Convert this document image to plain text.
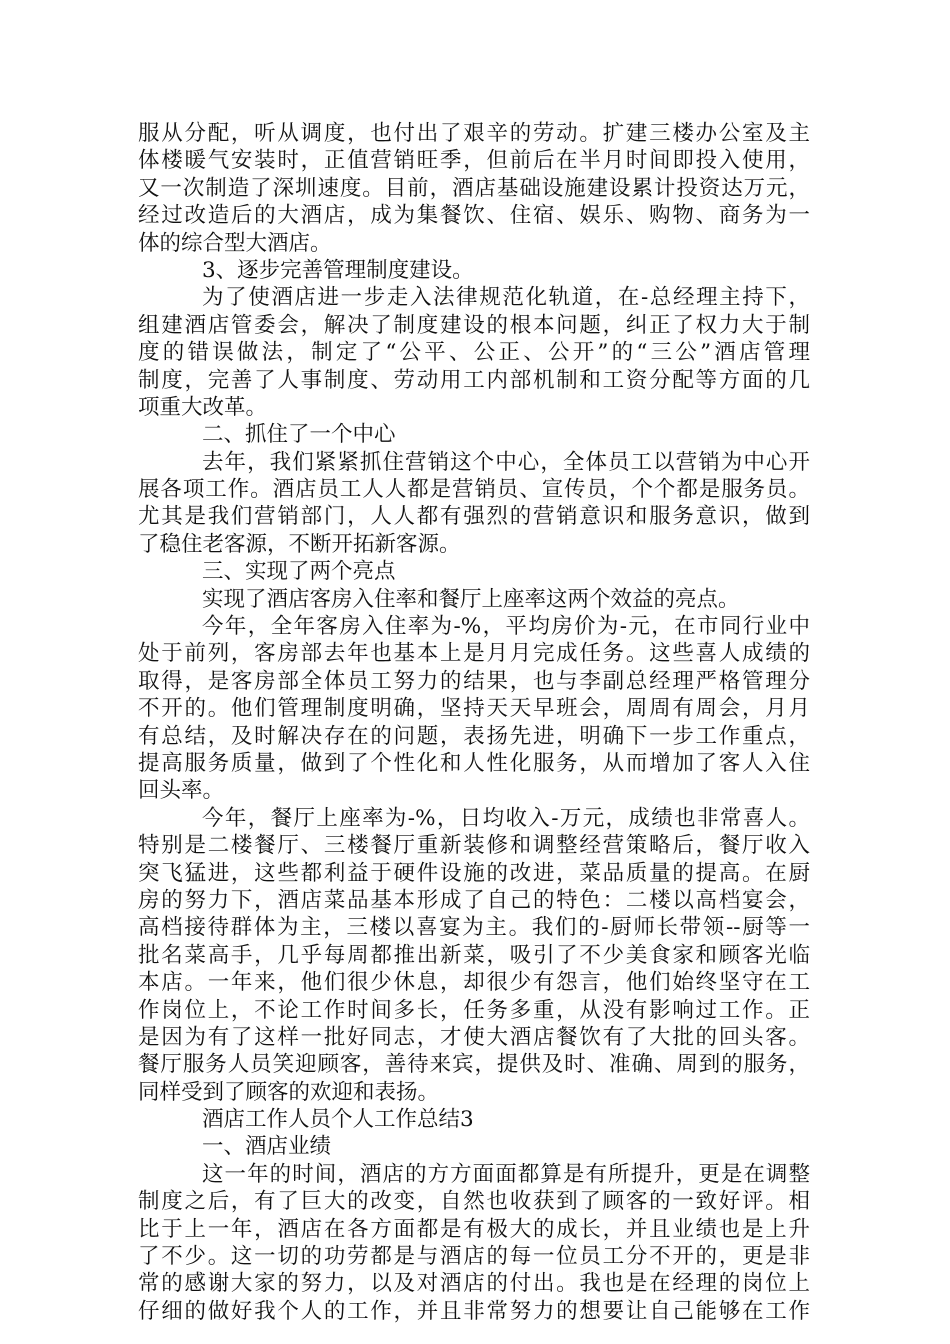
服从分配，听从调度，也付出了艰辛的劳动。扩建三楼办公室及主
体楼暖气安装时，正值营销旺季，但前后在半月时间即投入使用，
又一次制造了深圳速度。目前，酒店基础设施建设累计投资达万元，
经过改造后的大酒店，成为集餐饮、住宿、娱乐、购物、商务为一
体的综合型大酒店。
3、逐步完善管理制度建设。
为了使酒店进一步走入法律规范化轨道，在-总经理主持下，
组建酒店管委会，解决了制度建设的根本问题，纠正了权力大于制
度的错误做法，制定了“公平、公正、公开”的“三公”酒店管理
制度，完善了人事制度、劳动用工内部机制和工资分配等方面的几
项重大改革。
二、抓住了一个中心
去年，我们紧紧抓住营销这个中心，全体员工以营销为中心开
展各项工作。酒店员工人人都是营销员、宣传员，个个都是服务员。
尤其是我们营销部门，人人都有强烈的营销意识和服务意识，做到
了稳住老客源，不断开拓新客源。
三、实现了两个亮点
实现了酒店客房入住率和餐厅上座率这两个效益的亮点。
今年，全年客房入住率为-%，平均房价为-元，在市同行业中
处于前列，客房部去年也基本上是月月完成任务。这些喜人成绩的
取得，是客房部全体员工努力的结果，也与李副总经理严格管理分
不开的。他们管理制度明确，坚持天天早班会，周周有周会，月月
有总结，及时解决存在的问题，表扬先进，明确下一步工作重点，
提高服务质量，做到了个性化和人性化服务，从而增加了客人入住
回头率。
今年，餐厅上座率为-%，日均收入-万元，成绩也非常喜人。
特别是二楼餐厅、三楼餐厅重新装修和调整经营策略后，餐厅收入
突飞猛进，这些都利益于硬件设施的改进，菜品质量的提高。在厨
房的努力下，酒店菜品基本形成了自己的特色：二楼以高档宴会，
高档接待群体为主，三楼以喜宴为主。我们的-厨师长带领--厨等一
批名菜高手，几乎每周都推出新菜，吸引了不少美食家和顾客光临
本店。一年来，他们很少休息，却很少有怨言，他们始终坚守在工
作岗位上，不论工作时间多长，任务多重，从没有影响过工作。正
是因为有了这样一批好同志，才使大酒店餐饮有了大批的回头客。
餐厅服务人员笑迎顾客，善待来宾，提供及时、准确、周到的服务，
同样受到了顾客的欢迎和表扬。
酒店工作人员个人工作总结3
一、酒店业绩
这一年的时间，酒店的方方面面都算是有所提升，更是在调整
制度之后，有了巨大的改变，自然也收获到了顾客的一致好评。相
比于上一年，酒店在各方面都是有极大的成长，并且业绩也是上升
了不少。这一切的功劳都是与酒店的每一位员工分不开的，更是非
常的感谢大家的努力，以及对酒店的付出。我也是在经理的岗位上
仔细的做好我个人的工作，并且非常努力的想要让自己能够在工作
